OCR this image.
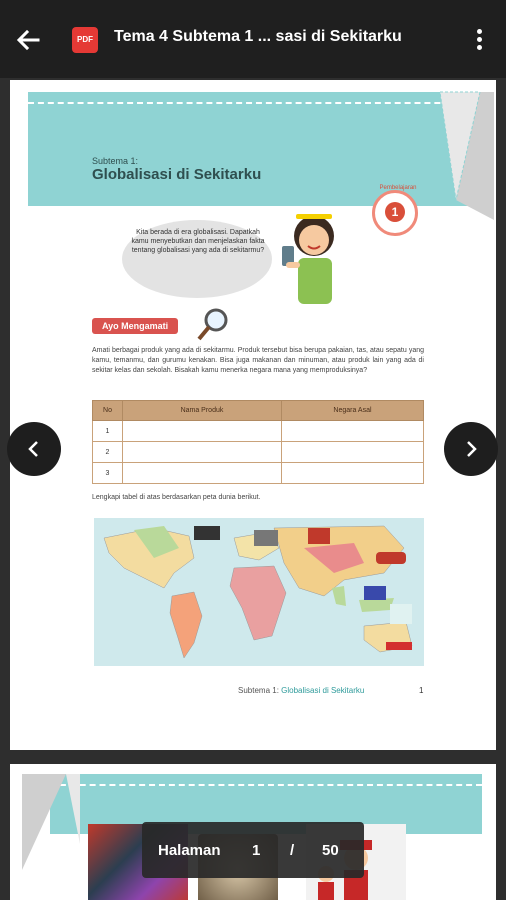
PDF	Tema 4 Subtema 1 ... sasi di Sekitarku
Subtema 1:
Globalisasi di Sekitarku
Pembelajaran
1
Kita berada di era globalisasi. Dapatkah kamu menyebutkan dan menjelaskan fakta tentang globalisasi yang ada di sekitarmu?
Ayo Mengamati
Amati berbagai produk yang ada di sekitarmu. Produk tersebut bisa berupa pakaian, tas, atau sepatu yang kamu, temanmu, dan gurumu kenakan. Bisa juga makanan dan minuman, atau produk lain yang ada di sekitar kelas dan sekolah. Bisakah kamu menerka negara mana yang memproduksinya?
No	Nama Produk	Negara Asal
1		
2		
3		
Lengkapi tabel di atas berdasarkan peta dunia berikut.
Subtema 1: Globalisasi di Sekitarku	1
Halaman 1 / 50
